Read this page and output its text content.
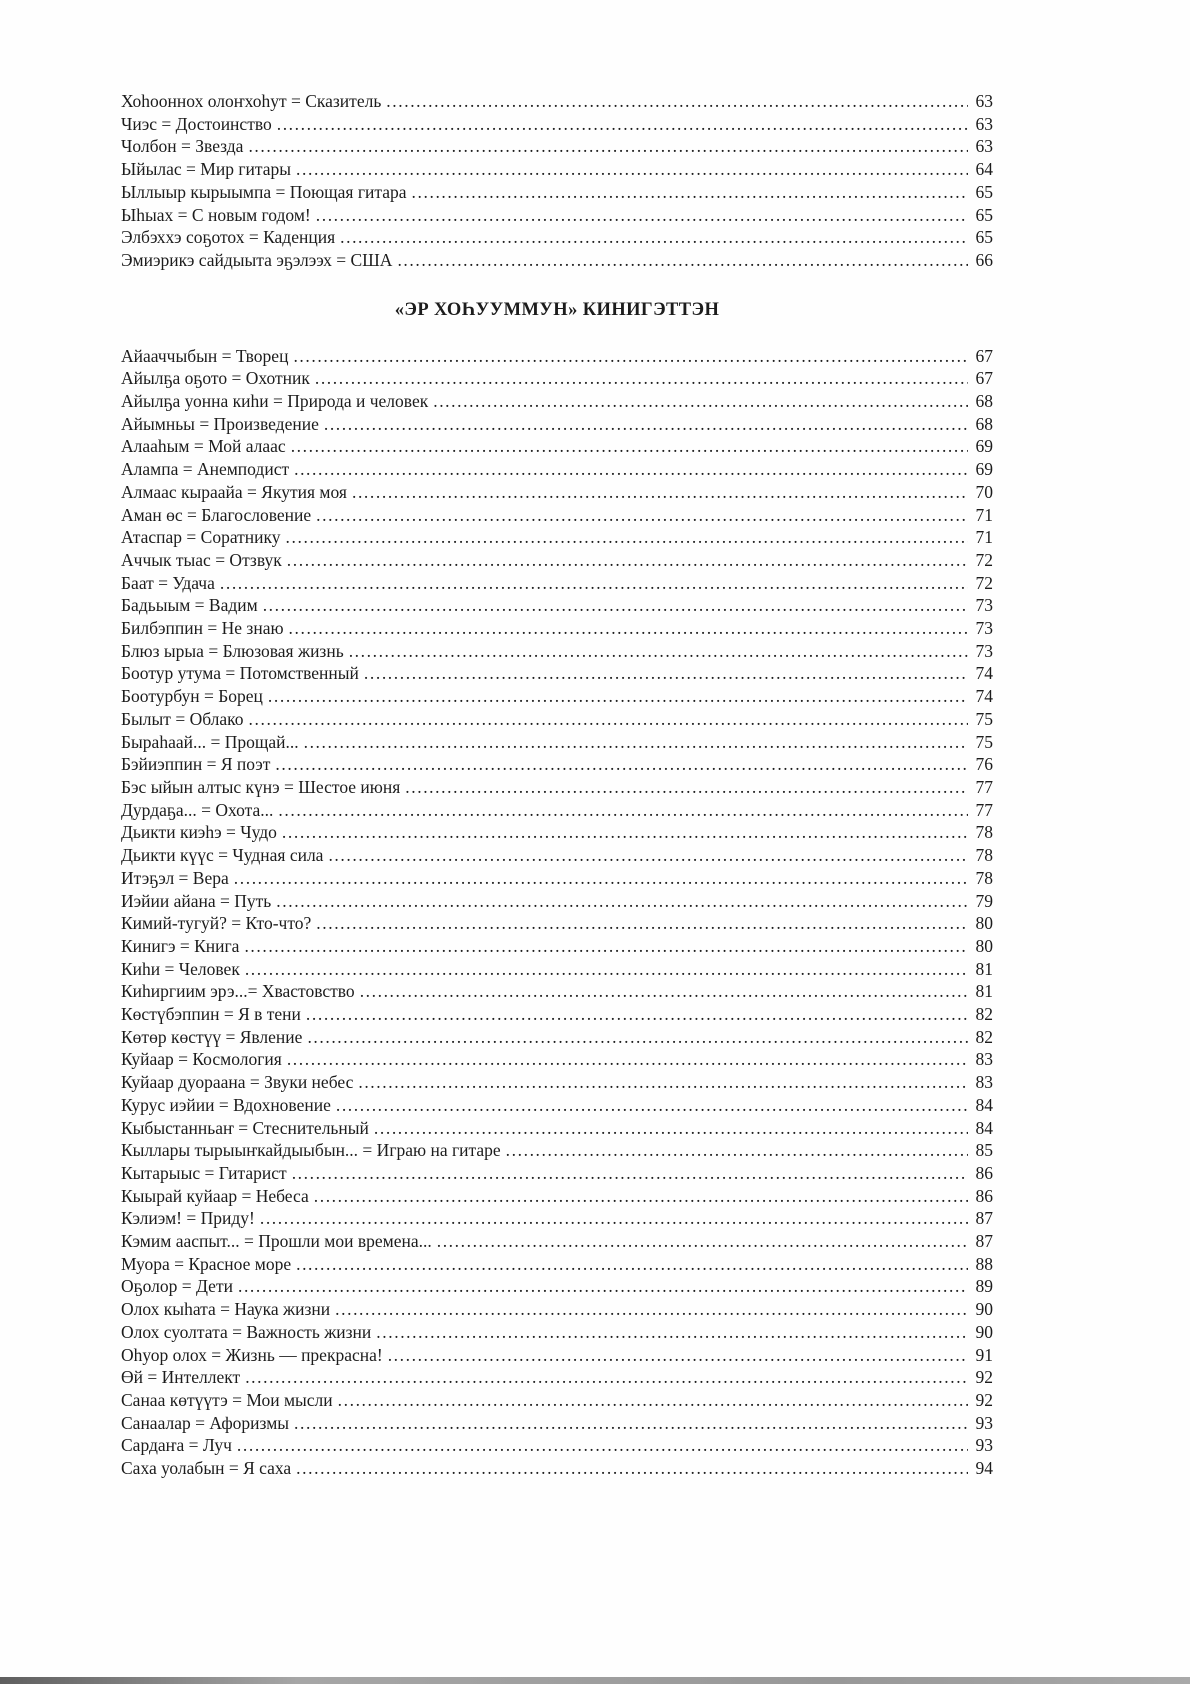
Хоһооннох олоҥхоһут = Сказитель .....	63
Чиэс = Достоинство .....	63
Чолбон = Звезда .....	63
Ыйылас = Мир гитары .....	64
Ыллыыр кырыымпа = Поющая гитара .....	65
Ыһыах = С новым годом! .....	65
Элбэххэ соҕотох = Каденция .....	65
Эмиэрикэ сайдыыта эҕэлээх = США .....	66
«ЭР ХОҺУУММУН» КИНИГЭТТЭН
Айааччыбын = Творец .....	67
Айылҕа оҕото = Охотник .....	67
Айылҕа уонна киһи = Природа и человек .....	68
Айымньы = Произведение .....	68
Алааһым = Мой алаас .....	69
Алампа = Анемподист .....	69
Алмаас кыраайа = Якутия моя .....	70
Аман өс = Благословение .....	71
Атаспар = Соратнику .....	71
Аччык тыас = Отзвук .....	72
Баат = Удача .....	72
Бадьыым = Вадим .....	73
Билбэппин = Не знаю .....	73
Блюз ырыа = Блюзовая жизнь .....	73
Боотур утума = Потомственный .....	74
Боотурбун = Борец .....	74
Былыт = Облако .....	75
Быраһаай... = Прощай... .....	75
Бэйиэппин = Я поэт .....	76
Бэс ыйын алтыс күнэ = Шестое июня .....	77
Дурдаҕа... = Охота... .....	77
Дьикти киэһэ = Чудо .....	78
Дьикти күүс = Чудная сила .....	78
Итэҕэл = Вера .....	78
Иэйии айана = Путь .....	79
Кимий-тугуй? = Кто-что? .....	80
Кинигэ = Книга .....	80
Киһи = Человек .....	81
Киһиргиим эрэ...= Хвастовство .....	81
Көстүбэппин = Я в тени .....	82
Көтөр көстүү = Явление .....	82
Куйаар = Космология .....	83
Куйаар дуораана = Звуки небес .....	83
Курус иэйии = Вдохновение .....	84
Кыбыстанньаҥ = Стеснительный .....	84
Кыллары тырыыҥкайдыыбын... = Играю на гитаре .....	85
Кытарыыс = Гитарист .....	86
Кыырай куйаар = Небеса .....	86
Кэлиэм! = Приду! .....	87
Кэмим ааспыт... = Прошли мои времена... .....	87
Муора = Красное море .....	88
Оҕолор = Дети .....	89
Олох кыһата = Наука жизни .....	90
Олох суолтата = Важность жизни .....	90
Оһуор олох = Жизнь — прекрасна! .....	91
Өй = Интеллект .....	92
Санаа көтүүтэ = Мои мысли .....	92
Санаалар = Афоризмы .....	93
Сардаҥа = Луч .....	93
Саха уолабын = Я саха .....	94
